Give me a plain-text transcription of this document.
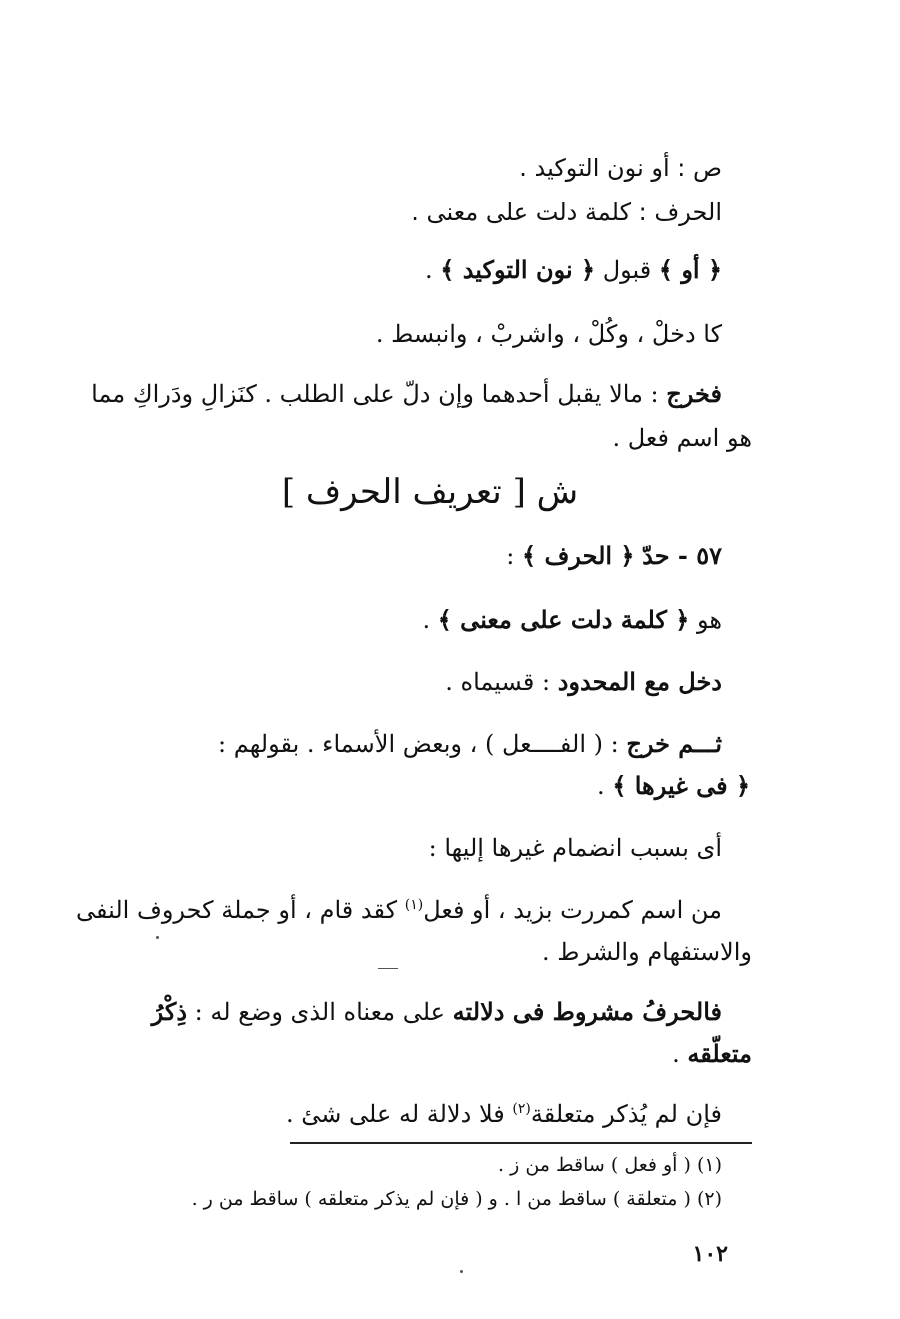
ص : أو نون التوكيد .
الحرف : كلمة دلت على معنى .
﴿ أو ﴾ قبول ﴿ نون التوكيد ﴾ .
كا دخلْ ، وكُلْ ، واشربْ ، وانبسط .
فخرج : مالا يقبل أحدهما وإن دلّ على الطلب . كنَزالِ ودَراكِ مما
هو اسم فعل .
ش [ تعريف الحرف ]
٥٧ - حدّ ﴿ الحرف ﴾ :
هو ﴿ كلمة دلت على معنى ﴾ .
دخل مع المحدود : قسيماه .
ثـــم خرج : ( الفــــعل ) ، وبعض الأسماء . بقولهم :
﴿ فى غيرها ﴾ .
أى بسبب انضمام غيرها إليها :
من اسم كمررت بزيد ، أو فعل$^{(١)}$ كقد قام ، أو جملة كحروف النفى
والاستفهام والشرط .
فالحرفُ مشروط فى دلالته على معناه الذى وضع له : ذِكْرُ
متعلّقه .
فإن لم يُذكر متعلقة$^{(٢)}$ فلا دلالة له على شئ .
(١) ( أو فعل ) ساقط من ز .
(٢) ( متعلقة ) ساقط من ا . و ( فإن لم يذكر متعلقه ) ساقط من ر .
١٠٢
